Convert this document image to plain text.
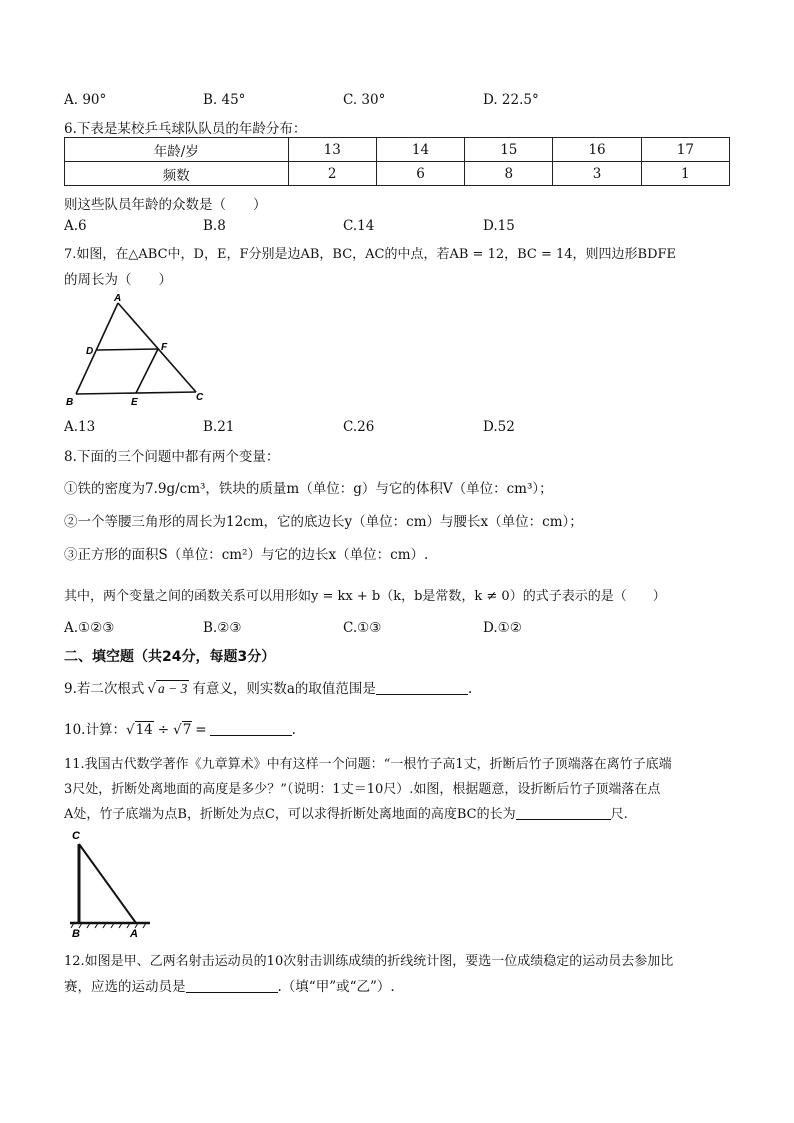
A. 90°	B. 45°	C. 30°	D. 22.5°
6.下表是某校乒乓球队队员的年龄分布：
年龄/岁	13	14	15	16	17
频数	2	6	8	3	1
则这些队员年龄的众数是（　　）
A.6	B.8	C.14	D.15
7.如图，在△ABC中，D，E，F分别是边AB，BC，AC的中点，若AB = 12，BC = 14，则四边形BDFE
的周长为（　　）
A
D	F
B	E	C
A.13	B.21	C.26	D.52
8.下面的三个问题中都有两个变量：
①铁的密度为7.9g/cm³，铁块的质量m（单位：g）与它的体积V（单位：cm³）；
②一个等腰三角形的周长为12cm，它的底边长y（单位：cm）与腰长x（单位：cm）；
③正方形的面积S（单位：cm²）与它的边长x（单位：cm）.
其中，两个变量之间的函数关系可以用形如y = kx + b（k，b是常数，k ≠ 0）的式子表示的是（　　）
A.①②③	B.②③	C.①③	D.①②
二、填空题（共24分，每题3分）
9.若二次根式 √ a − 3 有意义，则实数a的取值范围是	.
10.计算：√14 ÷ √7 =	.
11.我国古代数学著作《九章算术》中有这样一个问题：“一根竹子高1丈，折断后竹子顶端落在离竹子底端
3尺处，折断处离地面的高度是多少？”（说明：1丈＝10尺）.如图，根据题意，设折断后竹子顶端落在点
A处，竹子底端为点B，折断处为点C，可以求得折断处离地面的高度BC的长为	尺.
C
B	A
12.如图是甲、乙两名射击运动员的10次射击训练成绩的折线统计图，要选一位成绩稳定的运动员去参加比
赛，应选的运动员是	.（填“甲”或“乙”）.
